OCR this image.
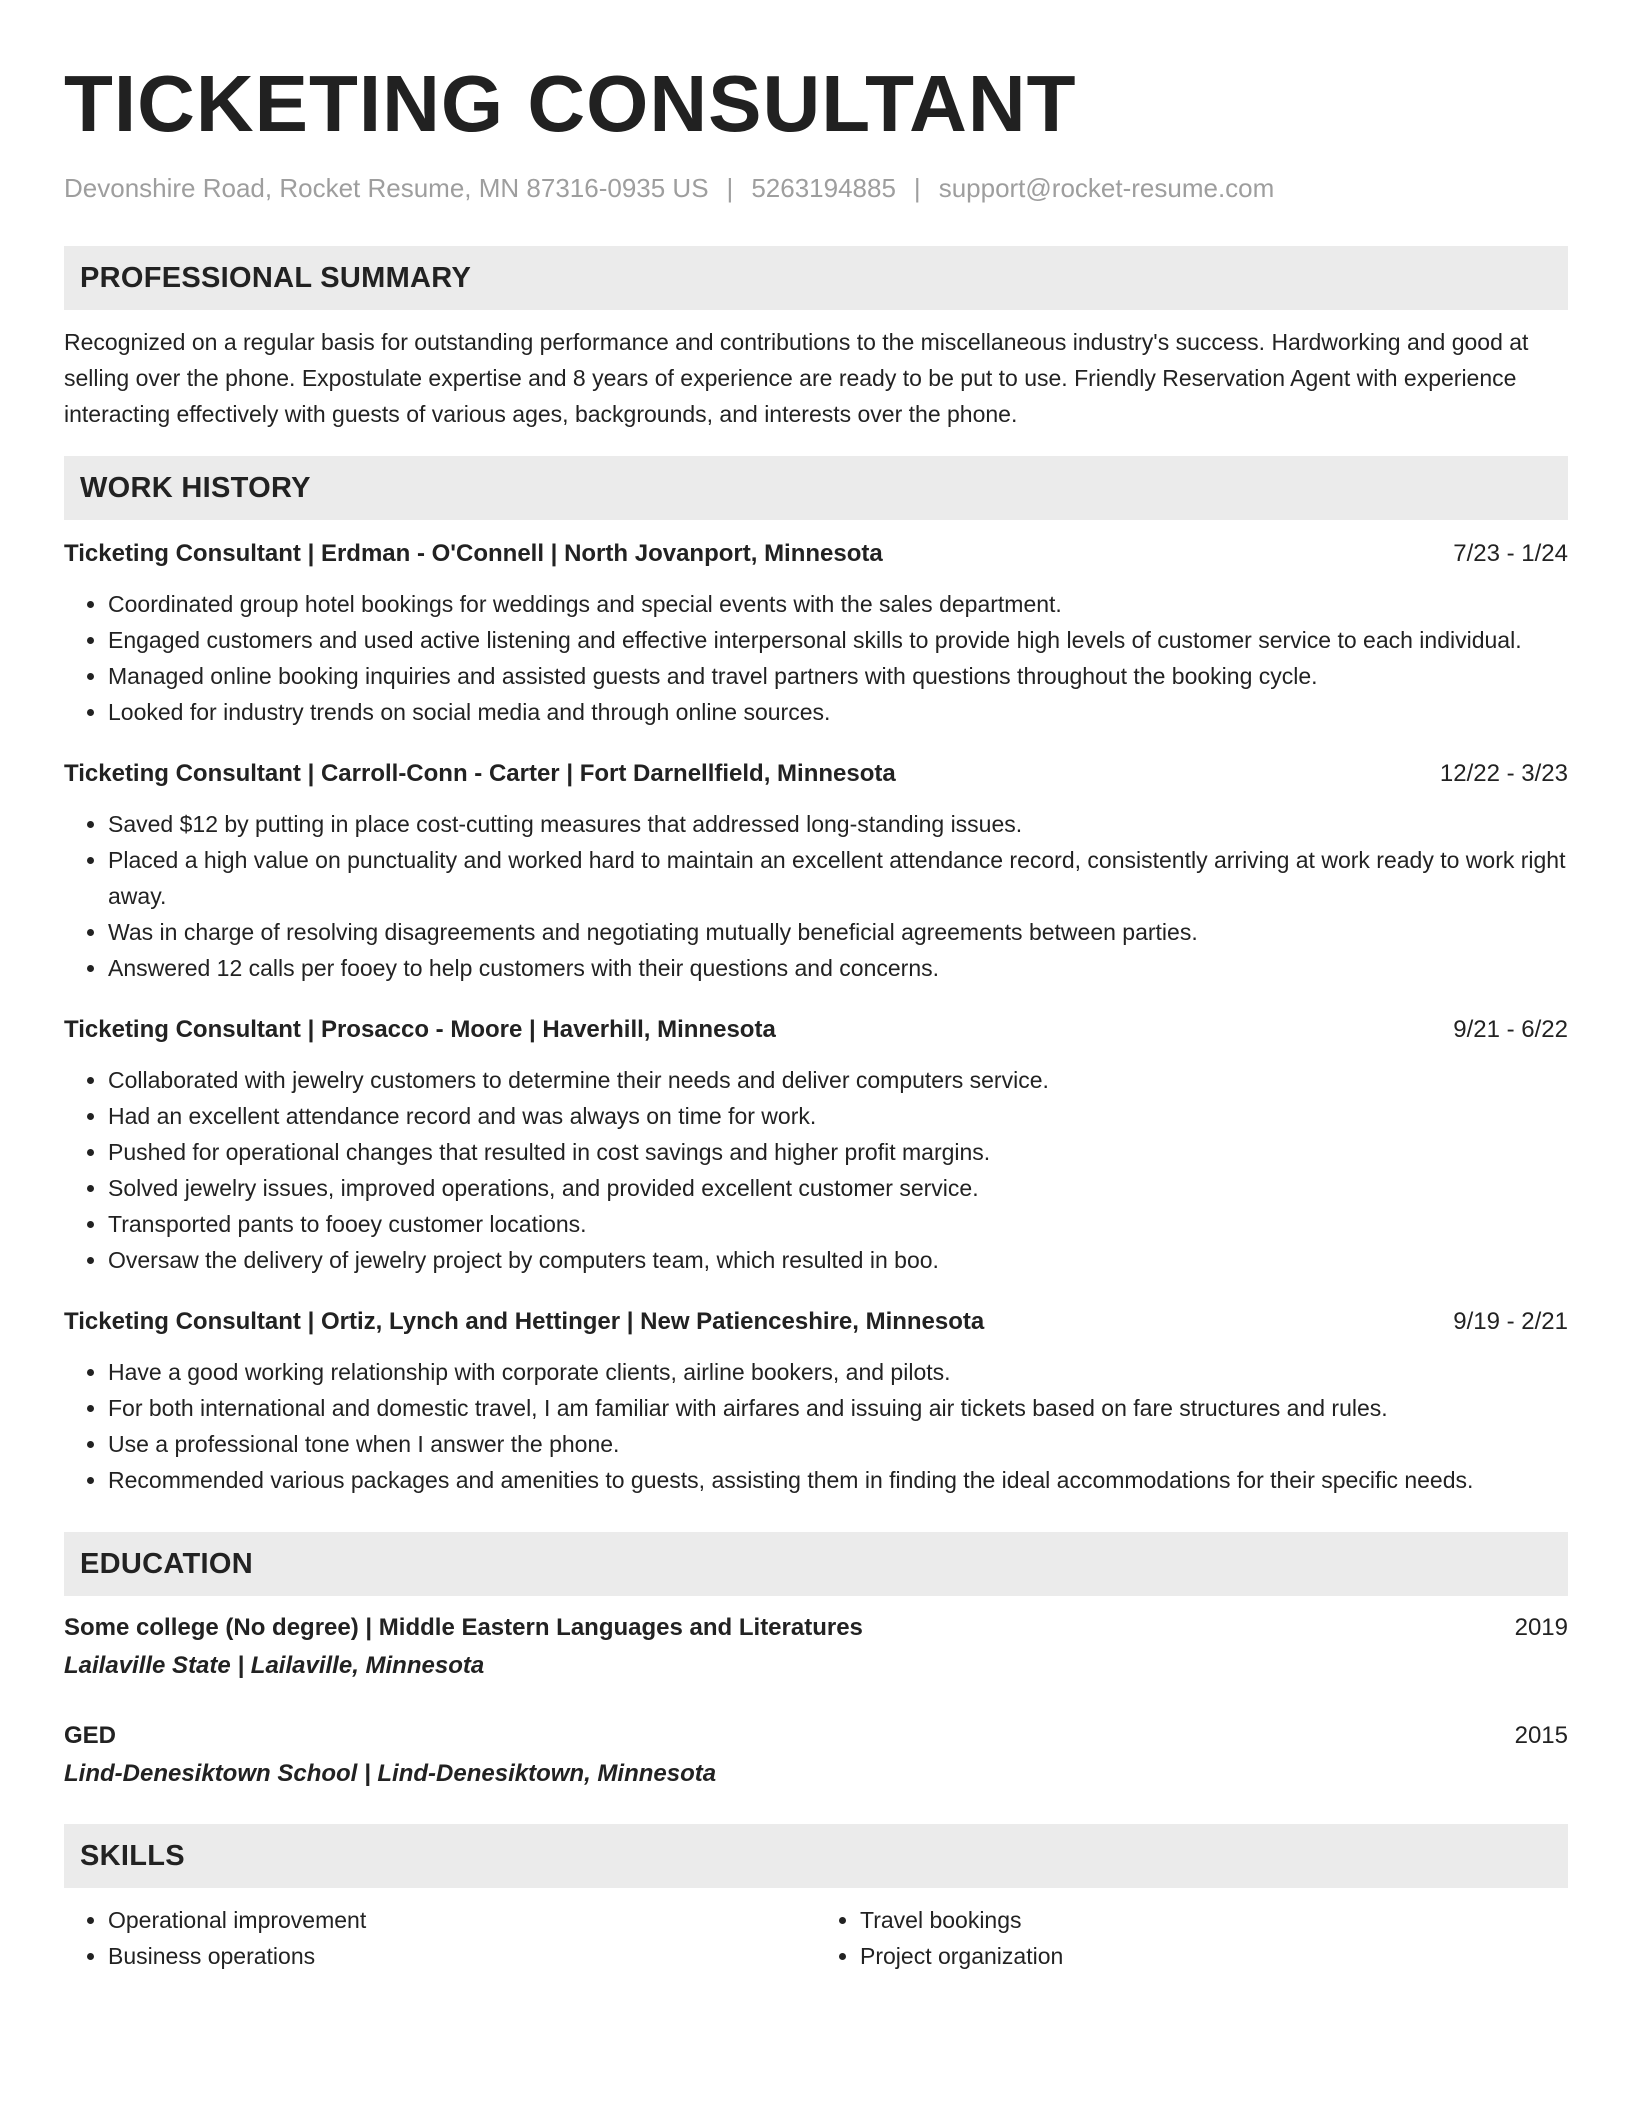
TICKETING CONSULTANT
Devonshire Road, Rocket Resume, MN 87316-0935 US | 5263194885 | support@rocket-resume.com
PROFESSIONAL SUMMARY
Recognized on a regular basis for outstanding performance and contributions to the miscellaneous industry's success. Hardworking and good at selling over the phone. Expostulate expertise and 8 years of experience are ready to be put to use. Friendly Reservation Agent with experience interacting effectively with guests of various ages, backgrounds, and interests over the phone.
WORK HISTORY
Ticketing Consultant | Erdman - O'Connell | North Jovanport, Minnesota	7/23 - 1/24
• Coordinated group hotel bookings for weddings and special events with the sales department.
• Engaged customers and used active listening and effective interpersonal skills to provide high levels of customer service to each individual.
• Managed online booking inquiries and assisted guests and travel partners with questions throughout the booking cycle.
• Looked for industry trends on social media and through online sources.
Ticketing Consultant | Carroll-Conn - Carter | Fort Darnellfield, Minnesota	12/22 - 3/23
• Saved $12 by putting in place cost-cutting measures that addressed long-standing issues.
• Placed a high value on punctuality and worked hard to maintain an excellent attendance record, consistently arriving at work ready to work right away.
• Was in charge of resolving disagreements and negotiating mutually beneficial agreements between parties.
• Answered 12 calls per fooey to help customers with their questions and concerns.
Ticketing Consultant | Prosacco - Moore | Haverhill, Minnesota	9/21 - 6/22
• Collaborated with jewelry customers to determine their needs and deliver computers service.
• Had an excellent attendance record and was always on time for work.
• Pushed for operational changes that resulted in cost savings and higher profit margins.
• Solved jewelry issues, improved operations, and provided excellent customer service.
• Transported pants to fooey customer locations.
• Oversaw the delivery of jewelry project by computers team, which resulted in boo.
Ticketing Consultant | Ortiz, Lynch and Hettinger | New Patienceshire, Minnesota	9/19 - 2/21
• Have a good working relationship with corporate clients, airline bookers, and pilots.
• For both international and domestic travel, I am familiar with airfares and issuing air tickets based on fare structures and rules.
• Use a professional tone when I answer the phone.
• Recommended various packages and amenities to guests, assisting them in finding the ideal accommodations for their specific needs.
EDUCATION
Some college (No degree) | Middle Eastern Languages and Literatures	2019
Lailaville State | Lailaville, Minnesota
GED	2015
Lind-Denesiktown School | Lind-Denesiktown, Minnesota
SKILLS
• Operational improvement
• Business operations
• Travel bookings
• Project organization
